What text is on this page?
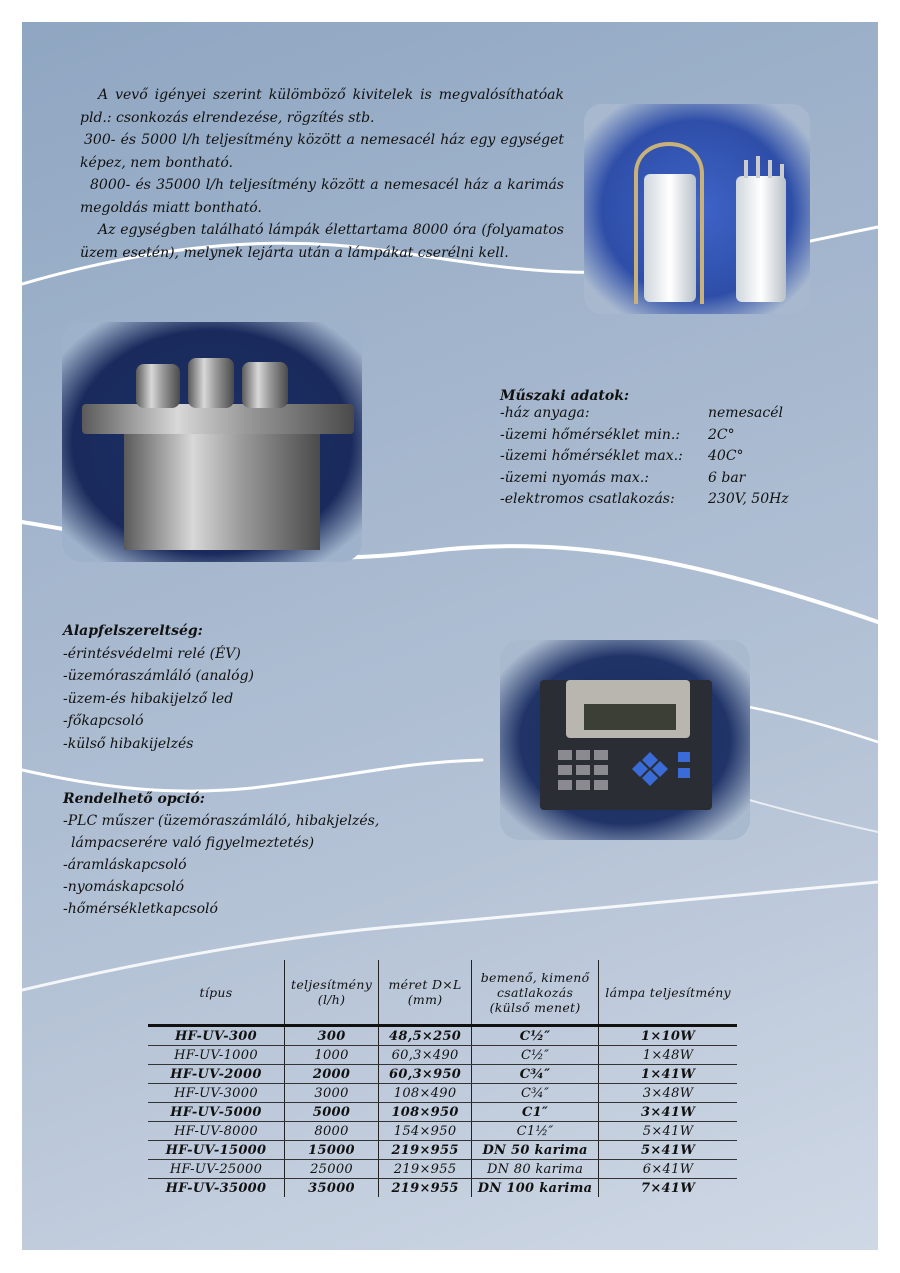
A vevő igényei szerint külömböző kivitelek is megvalósíthatóak pld.: csonkozás elrendezése, rögzítés stb.

300- és 5000 l/h teljesítmény között a nemesacél ház egy egységet képez, nem bontható.

8000- és 35000 l/h teljesítmény között a nemesacél ház a karimás megoldás miatt bontható.

Az egységben található lámpák élettartama 8000 óra (folyamatos üzem esetén), melynek lejárta után a lámpákat cserélni kell.

Műszaki adatok:
-ház anyaga:	nemesacél
-üzemi hőmérséklet min.:	2C°
-üzemi hőmérséklet max.:	40C°
-üzemi nyomás max.:	6 bar
-elektromos csatlakozás:	230V, 50Hz
Alapfelszereltség:
-érintésvédelmi relé (ÉV)
-üzemóraszámláló (analóg)
-üzem-és hibakijelző led
-főkapcsoló
-külső hibakijelzés
Rendelhető opció:
-PLC műszer (üzemóraszámláló, hibakjelzés,
lámpacserére való figyelmeztetés)
-áramláskapcsoló
-nyomáskapcsoló
-hőmérsékletkapcsoló
típus	teljesítmény (l/h)	méret D×L (mm)	bemenő, kimenő csatlakozás (külső menet)	lámpa teljesítmény
HF-UV-300	300	48,5×250	C½″	1×10W
HF-UV-1000	1000	60,3×490	C½″	1×48W
HF-UV-2000	2000	60,3×950	C¾″	1×41W
HF-UV-3000	3000	108×490	C¾″	3×48W
HF-UV-5000	5000	108×950	C1″	3×41W
HF-UV-8000	8000	154×950	C1½″	5×41W
HF-UV-15000	15000	219×955	DN 50 karima	5×41W
HF-UV-25000	25000	219×955	DN 80 karima	6×41W
HF-UV-35000	35000	219×955	DN 100 karima	7×41W
